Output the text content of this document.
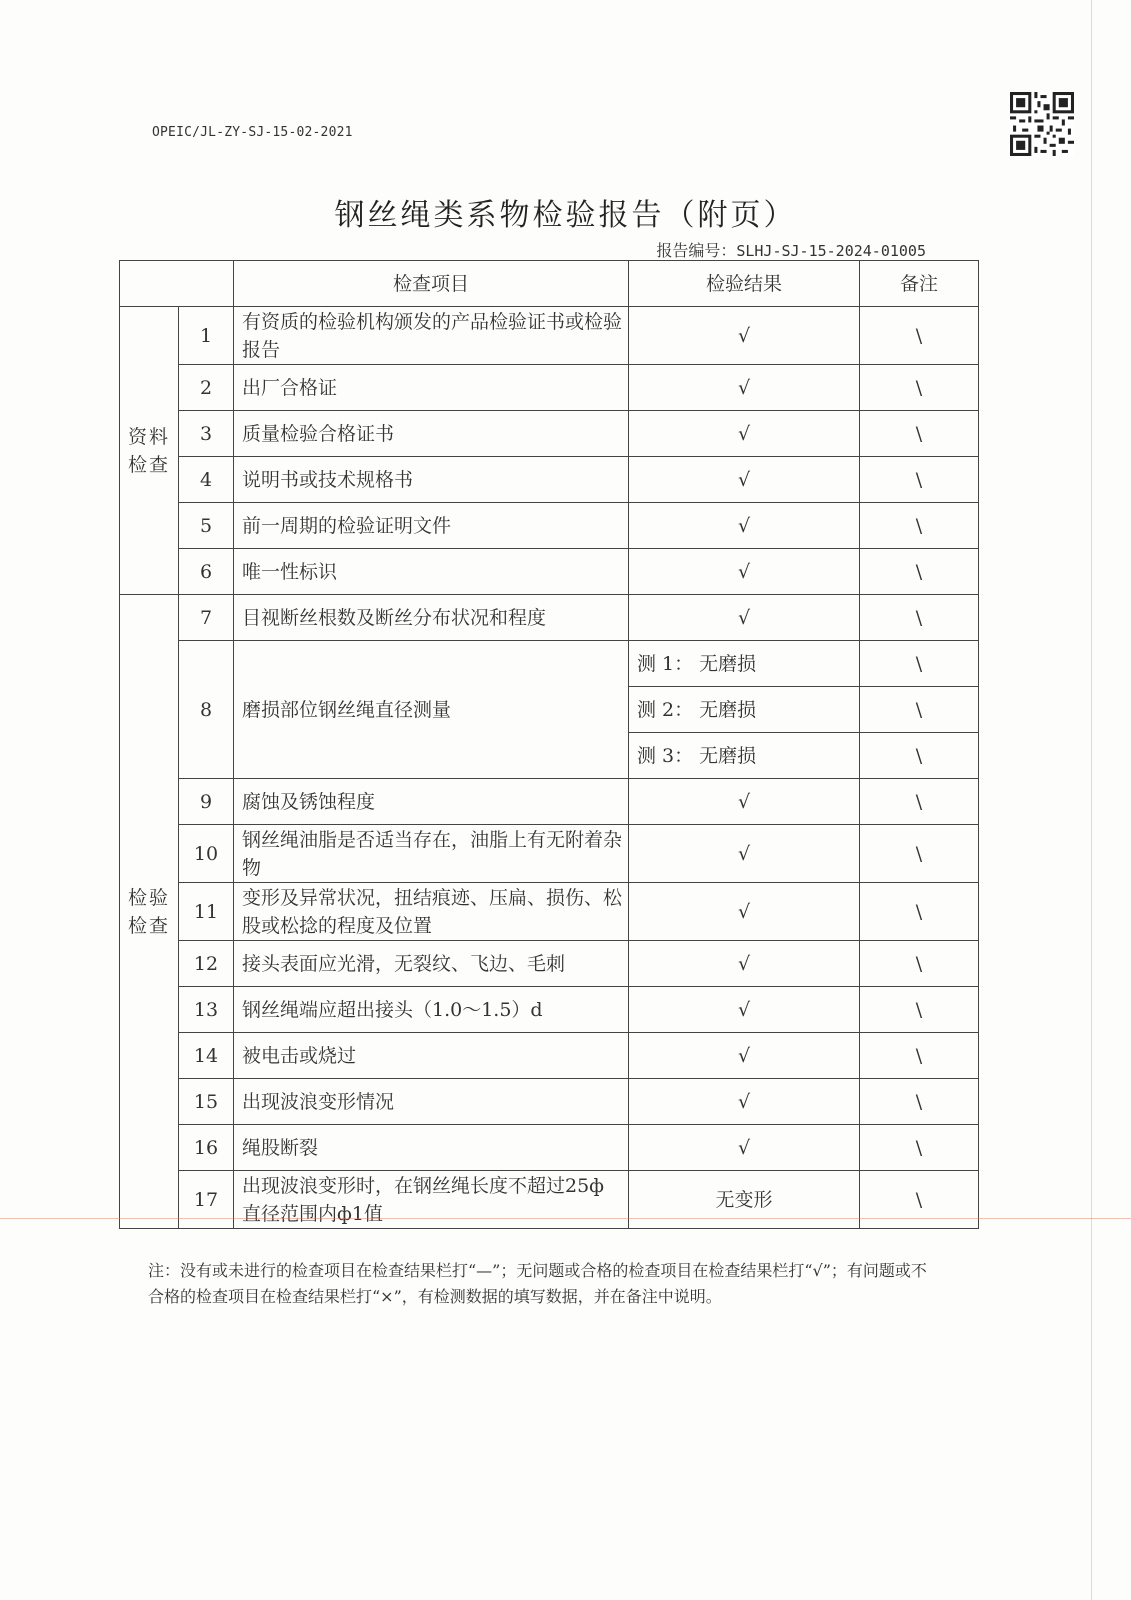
OPEIC/JL-ZY-SJ-15-02-2021
钢丝绳类系物检验报告（附页）
报告编号：SLHJ-SJ-15-2024-01005
		检查项目	检验结果	备注
资料
检查	1	有资质的检验机构颁发的产品检验证书或检验报告	√	\
	2	出厂合格证	√	\
	3	质量检验合格证书	√	\
	4	说明书或技术规格书	√	\
	5	前一周期的检验证明文件	√	\
	6	唯一性标识	√	\
检验
检查	7	目视断丝根数及断丝分布状况和程度	√	\
	8	磨损部位钢丝绳直径测量	测 1： 无磨损	\
			测 2： 无磨损	\
			测 3： 无磨损	\
	9	腐蚀及锈蚀程度	√	\
	10	钢丝绳油脂是否适当存在，油脂上有无附着杂物	√	\
	11	变形及异常状况，扭结痕迹、压扁、损伤、松股或松捻的程度及位置	√	\
	12	接头表面应光滑，无裂纹、飞边、毛刺	√	\
	13	钢丝绳端应超出接头（1.0～1.5）d	√	\
	14	被电击或烧过	√	\
	15	出现波浪变形情况	√	\
	16	绳股断裂	√	\
	17	出现波浪变形时，在钢丝绳长度不超过25ф直径范围内ф1值	无变形	\
注：没有或未进行的检查项目在检查结果栏打“—”；无问题或合格的检查项目在检查结果栏打“√”；有问题或不合格的检查项目在检查结果栏打“×”，有检测数据的填写数据，并在备注中说明。
